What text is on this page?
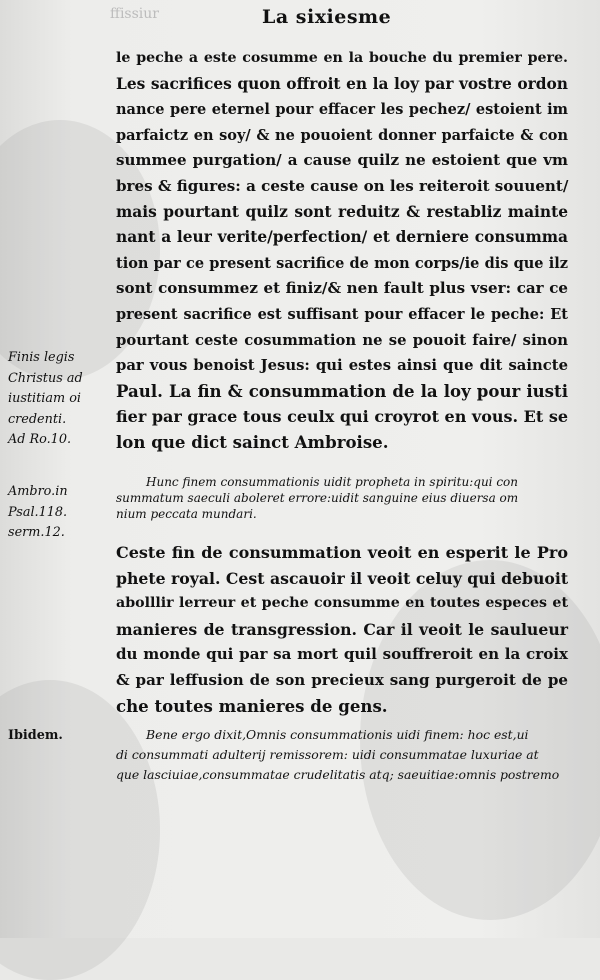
ffissiur	La sixiesme
le peche a este cosumme en la bouche du premier pere.
Les sacrifices quon offroit en la loy par vostre ordon
nance pere eternel pour effacer les pechez/ estoient im
parfaictz en soy/ & ne pouoient donner parfaicte & con
summee purgation/ a cause quilz ne estoient que vm
bres & figures: a ceste cause on les reiteroit souuent/
mais pourtant quilz sont reduitz & restabliz mainte
nant a leur verite/perfection/ et derniere consumma
tion par ce present sacrifice de mon corps/ie dis que ilz
sont consummez et finiz/& nen fault plus vser: car ce
present sacrifice est suffisant pour effacer le peche: Et
pourtant ceste cosummation ne se pouoit faire/ sinon
par vous benoist Jesus: qui estes ainsi que dit saincte
Paul. La fin & consummation de la loy pour iusti
fier par grace tous ceulx qui croyrot en vous. Et se
lon que dict sainct Ambroise.
Hunc finem consummationis uidit propheta in spiritu:qui con
summatum saeculi aboleret errore:uidit sanguine eius diuersa om
nium peccata mundari.
Ceste fin de consummation veoit en esperit le Pro
phete royal. Cest ascauoir il veoit celuy qui debuoit
abolllir lerreur et peche consumme en toutes especes et
manieres de transgression. Car il veoit le saulueur
du monde qui par sa mort quil souffreroit en la croix
& par leffusion de son precieux sang purgeroit de pe
che toutes manieres de gens.
Bene ergo dixit,Omnis consummationis uidi finem: hoc est,ui
di consummati adulterij remissorem: uidi consummatae luxuriae at
que lasciuiae,consummatae crudelitatis atq; saeuitiae:omnis postremo
Finis legis
Christus ad
iustitiam oi
credenti.
Ad Ro.10.
Ambro.in
Psal.118.
serm.12.
Ibidem.
